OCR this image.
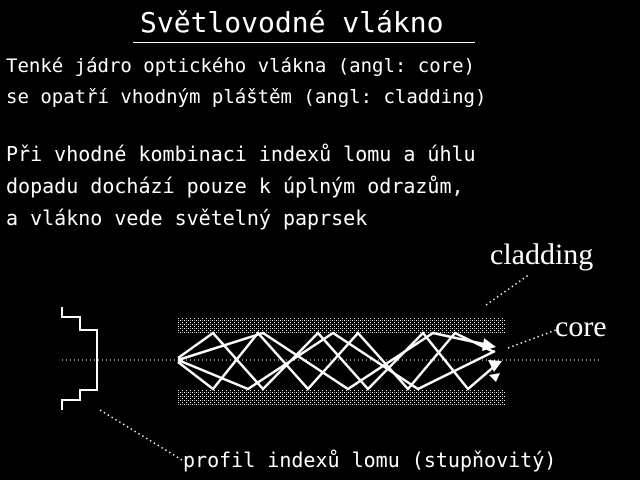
Světlovodné vlákno
Tenké jádro optického vlákna (angl: core)
se opatří vhodným pláštěm (angl: cladding)
Při vhodné kombinaci indexů lomu a úhlu
dopadu dochází pouze k úplným odrazům,
a vlákno vede světelný paprsek
cladding
core
profil indexů lomu (stupňovitý)
